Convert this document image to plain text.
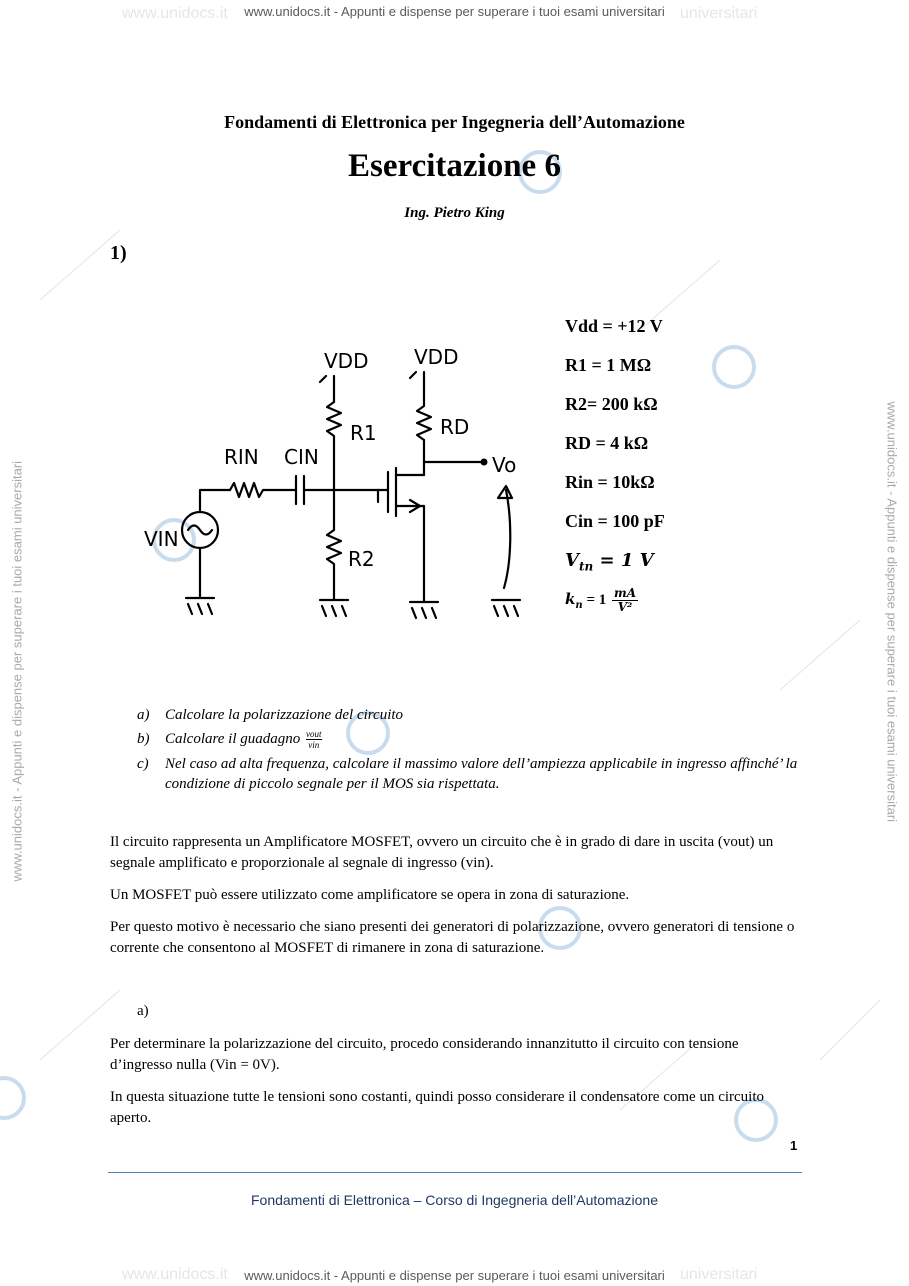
www.unidocs.it	universitari
www.unidocs.it - Appunti e dispense per superare i tuoi esami universitari
www.unidocs.it	universitari
www.unidocs.it - Appunti e dispense per superare i tuoi esami universitari
www.unidocs.it - Appunti e dispense per superare i tuoi esami universitari	www.unidocs.it - Appunti e dispense per superare i tuoi esami universitari
Fondamenti di Elettronica per Ingegneria dell’Automazione
Esercitazione 6
Ing. Pietro King
1)
VDD VDD
R1	RD
RIN CIN	Vo
VIN
R2
Vdd = +12 V
R1 = 1 MΩ
R2= 200 kΩ
RD = 4 kΩ
Rin = 10kΩ
Cin = 100 pF
$V_{tn} = 1$ V
$k_n = 1 \frac{mA}{\text{V²}}$
a) Calcolare la polarizzazione del circuito
b) Calcolare il guadagno $\frac{\text{vout}}{\text{vin}}$
c) Nel caso ad alta frequenza, calcolare il massimo valore dell’ampiezza applicabile in ingresso affinché’ la condizione di piccolo segnale per il MOS sia rispettata.

Il circuito rappresenta un Amplificatore MOSFET, ovvero un circuito che è in grado di dare in uscita (vout) un segnale amplificato e proporzionale al segnale di ingresso (vin).

Un MOSFET può essere utilizzato come amplificatore se opera in zona di saturazione.

Per questo motivo è necessario che siano presenti dei generatori di polarizzazione, ovvero generatori di tensione o corrente che consentono al MOSFET di rimanere in zona di saturazione.

a)

Per determinare la polarizzazione del circuito, procedo considerando innanzitutto il circuito con tensione d’ingresso nulla (Vin = 0V).

In questa situazione tutte le tensioni sono costanti, quindi posso considerare il condensatore come un circuito aperto.

1
Fondamenti di Elettronica – Corso di Ingegneria dell’Automazione
